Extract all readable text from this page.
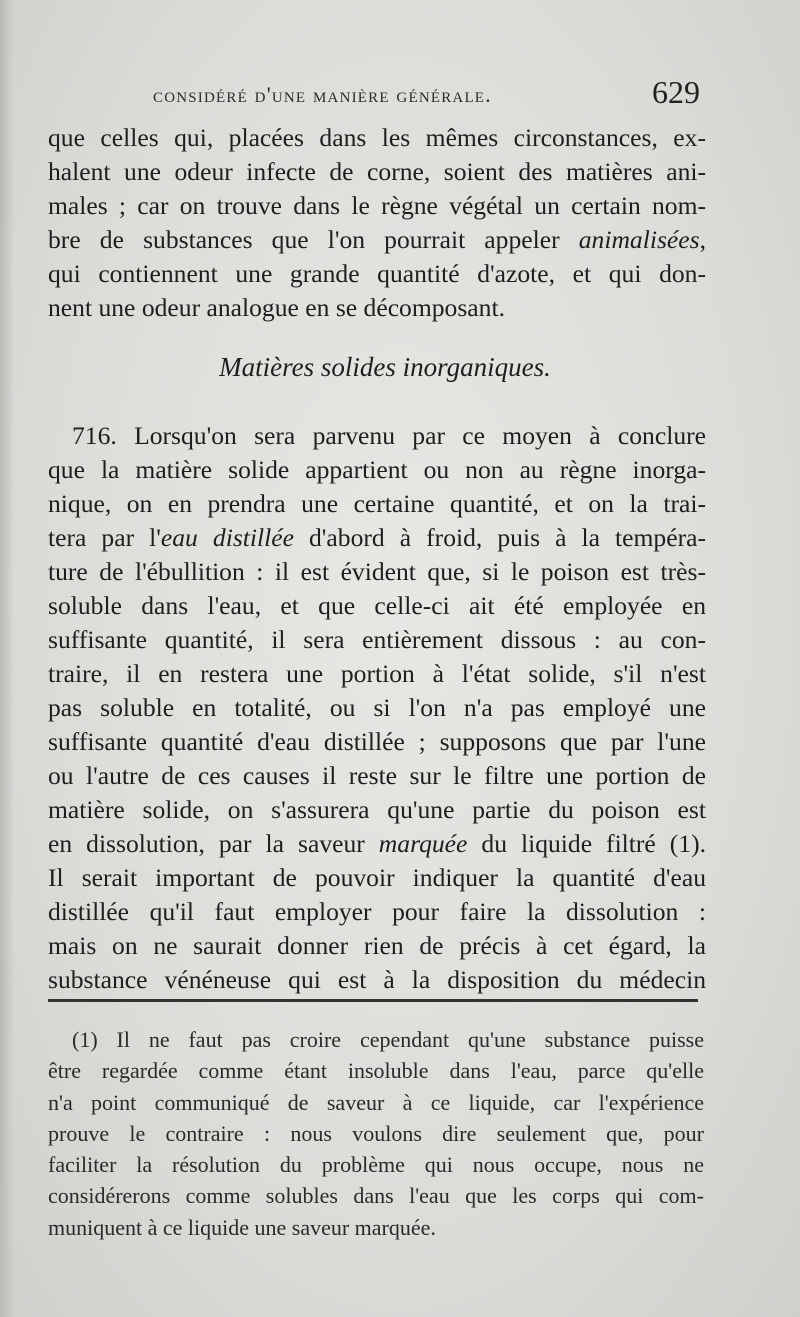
considéré d'une manière générale.	629
que celles qui, placées dans les mêmes circonstances, ex-
halent une odeur infecte de corne, soient des matières ani-
males ; car on trouve dans le règne végétal un certain nom-
bre de substances que l'on pourrait appeler animalisées,
qui contiennent une grande quantité d'azote, et qui don-
nent une odeur analogue en se décomposant.
Matières solides inorganiques.
716. Lorsqu'on sera parvenu par ce moyen à conclure
que la matière solide appartient ou non au règne inorga-
nique, on en prendra une certaine quantité, et on la trai-
tera par l'eau distillée d'abord à froid, puis à la tempéra-
ture de l'ébullition : il est évident que, si le poison est très-
soluble dans l'eau, et que celle-ci ait été employée en
suffisante quantité, il sera entièrement dissous : au con-
traire, il en restera une portion à l'état solide, s'il n'est
pas soluble en totalité, ou si l'on n'a pas employé une
suffisante quantité d'eau distillée ; supposons que par l'une
ou l'autre de ces causes il reste sur le filtre une portion de
matière solide, on s'assurera qu'une partie du poison est
en dissolution, par la saveur marquée du liquide filtré (1).
Il serait important de pouvoir indiquer la quantité d'eau
distillée qu'il faut employer pour faire la dissolution :
mais on ne saurait donner rien de précis à cet égard, la
substance vénéneuse qui est à la disposition du médecin
(1) Il ne faut pas croire cependant qu'une substance puisse
être regardée comme étant insoluble dans l'eau, parce qu'elle
n'a point communiqué de saveur à ce liquide, car l'expérience
prouve le contraire : nous voulons dire seulement que, pour
faciliter la résolution du problème qui nous occupe, nous ne
considérerons comme solubles dans l'eau que les corps qui com-
muniquent à ce liquide une saveur marquée.
